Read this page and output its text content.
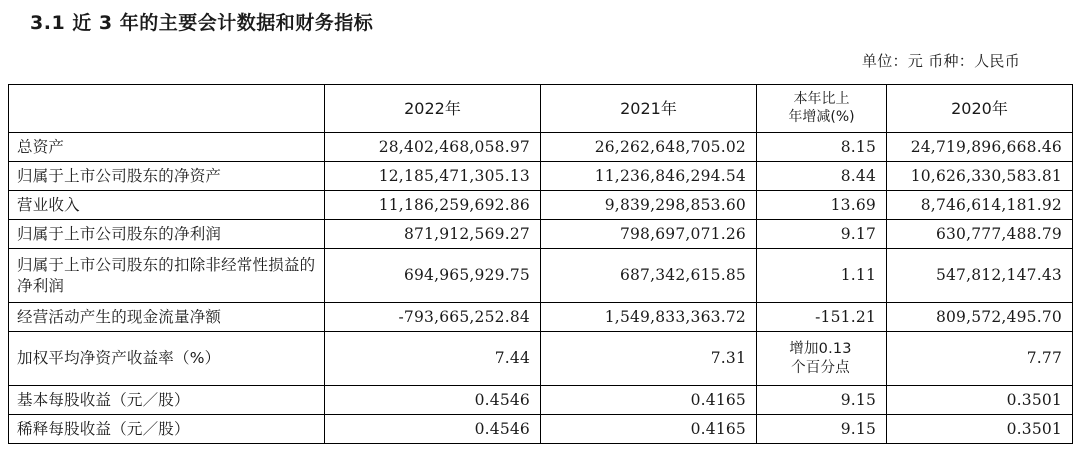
3.1 近 3 年的主要会计数据和财务指标
单位：元 币种：人民币
	2022年	2021年	本年比上
年增减(%)	2020年
总资产	28,402,468,058.97	26,262,648,705.02	8.15	24,719,896,668.46
归属于上市公司股东的净资产	12,185,471,305.13	11,236,846,294.54	8.44	10,626,330,583.81
营业收入	11,186,259,692.86	9,839,298,853.60	13.69	8,746,614,181.92
归属于上市公司股东的净利润	871,912,569.27	798,697,071.26	9.17	630,777,488.79
归属于上市公司股东的扣除非经常性损益的净利润	694,965,929.75	687,342,615.85	1.11	547,812,147.43
经营活动产生的现金流量净额	-793,665,252.84	1,549,833,363.72	-151.21	809,572,495.70
加权平均净资产收益率（%）	7.44	7.31	增加0.13
个百分点	7.77
基本每股收益（元／股）	0.4546	0.4165	9.15	0.3501
稀释每股收益（元／股）	0.4546	0.4165	9.15	0.3501
